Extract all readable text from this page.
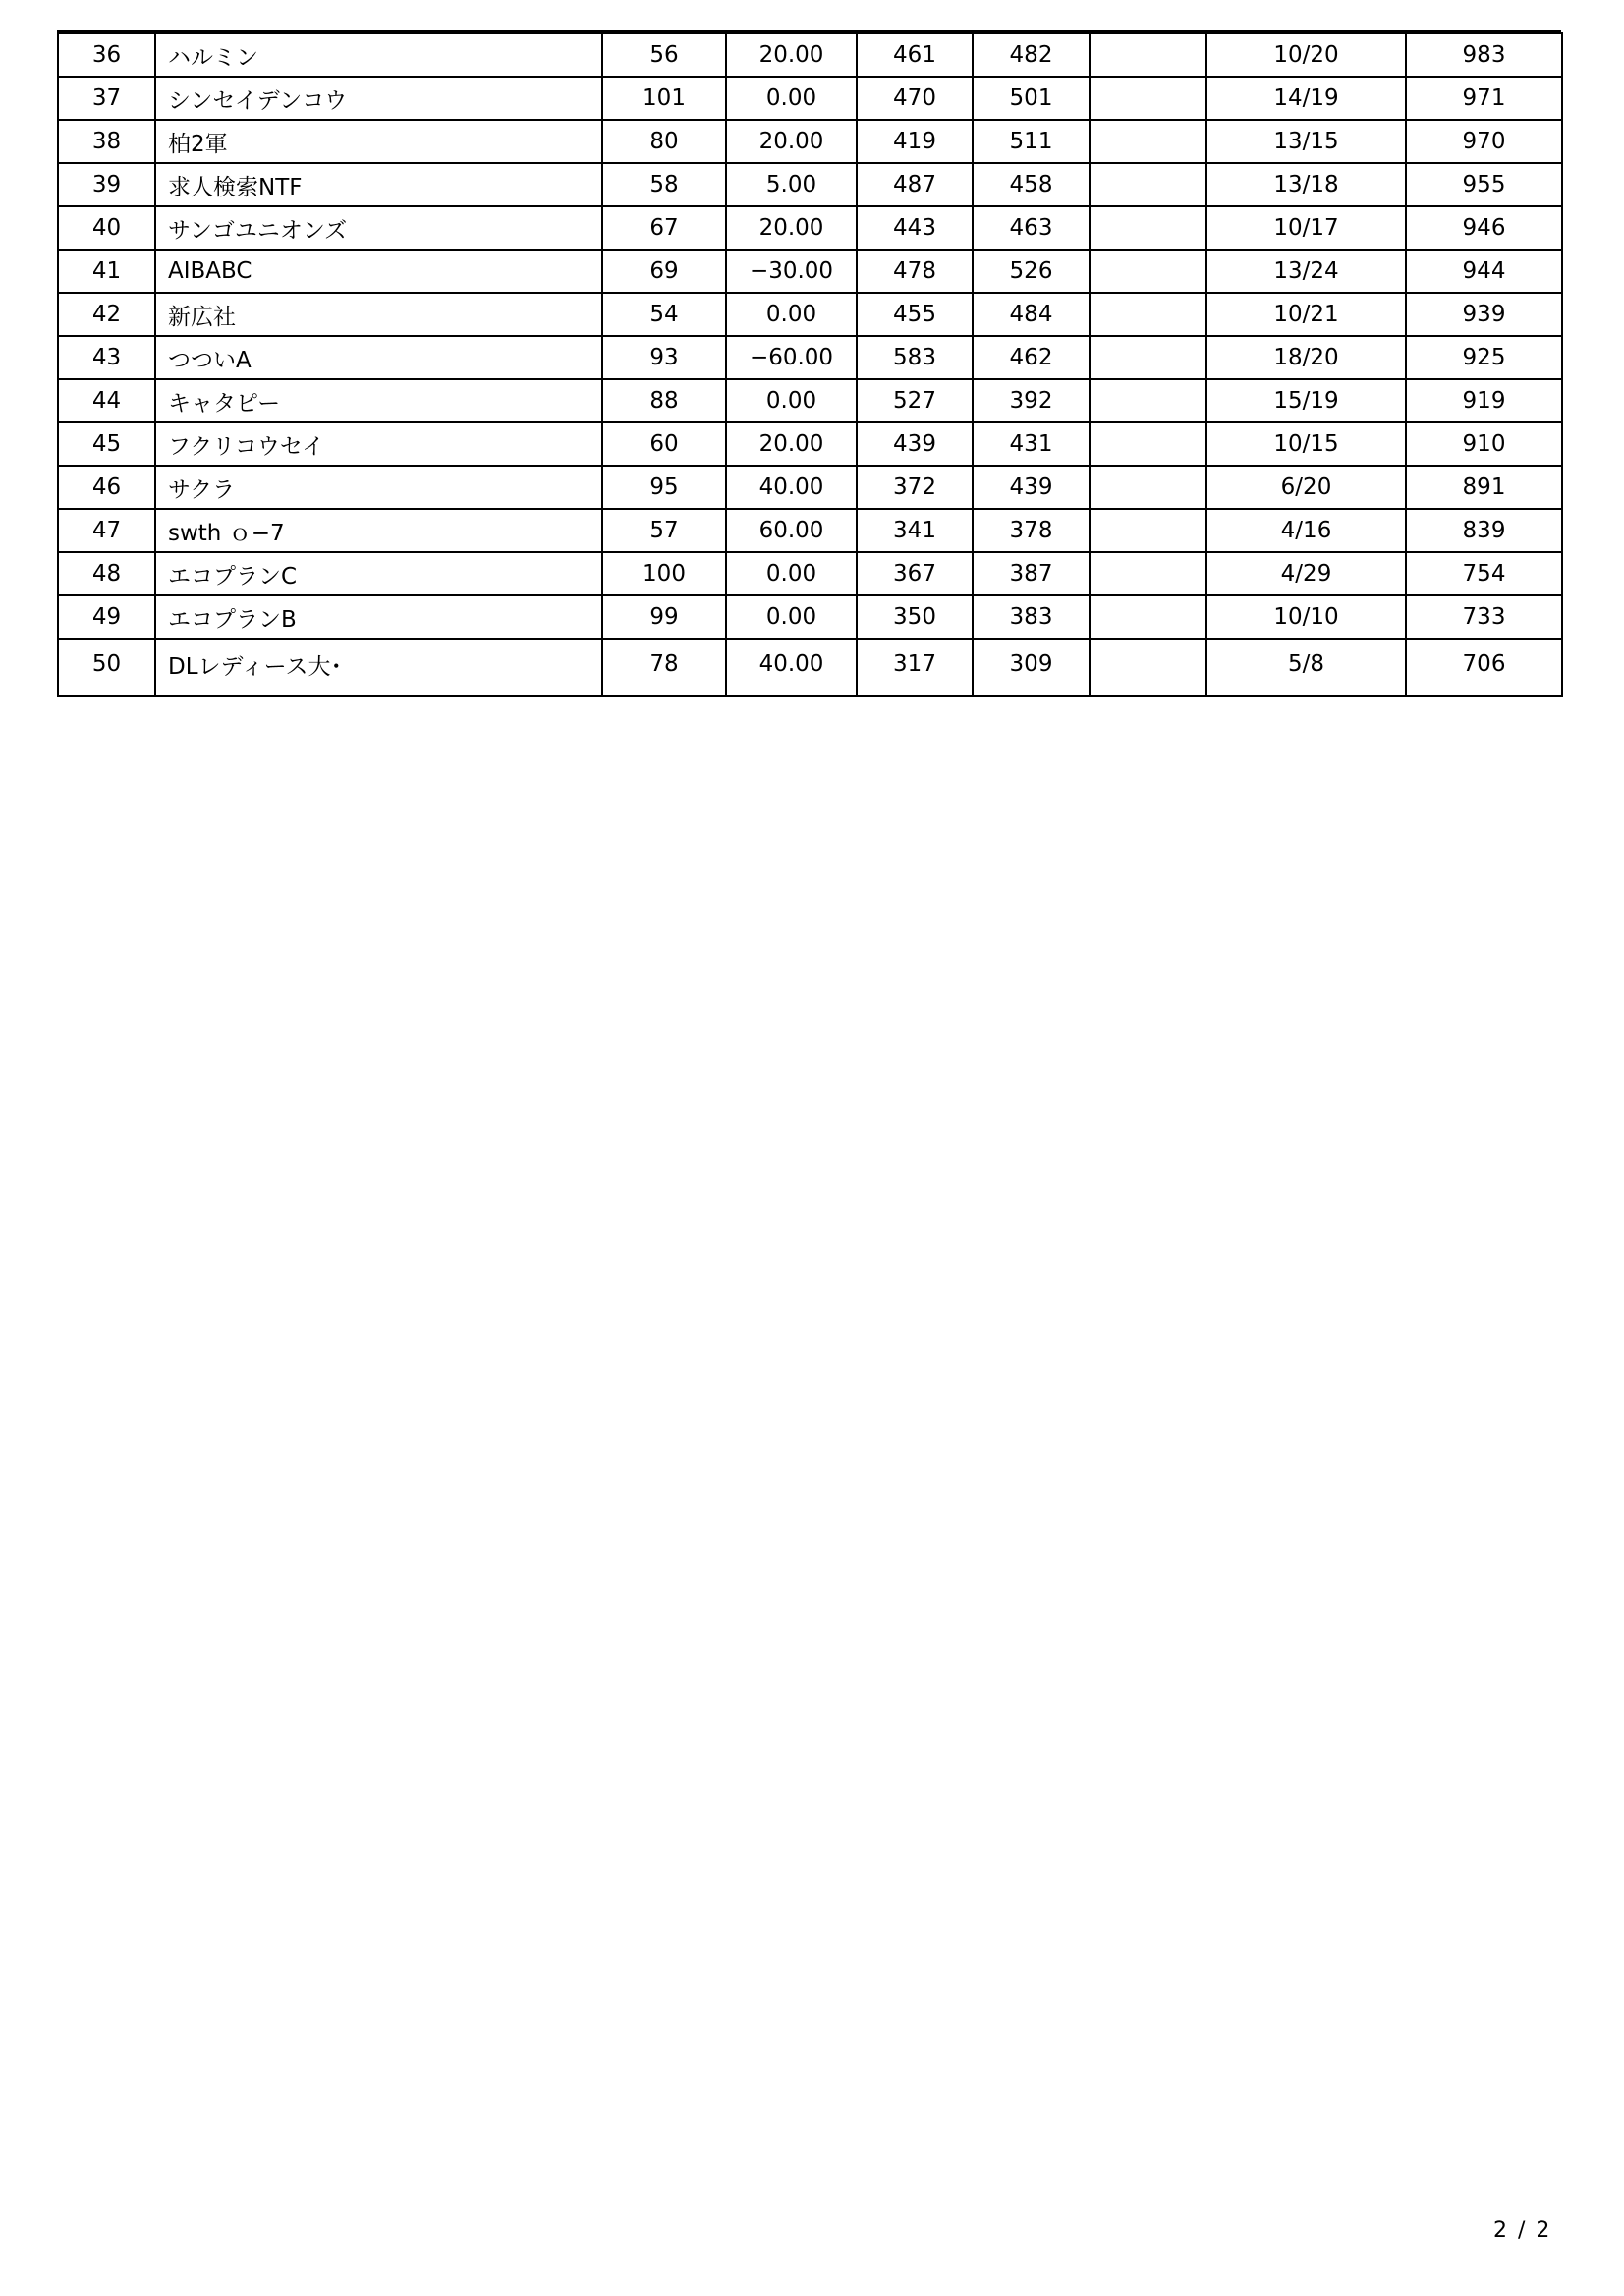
36	ハルミン	56	20.00	461	482		10/20	983
37	シンセイデンコウ	101	0.00	470	501		14/19	971
38	柏2軍	80	20.00	419	511		13/15	970
39	求人検索NTF	58	5.00	487	458		13/18	955
40	サンゴユニオンズ	67	20.00	443	463		10/17	946
41	AIBABC	69	−30.00	478	526		13/24	944
42	新広社	54	0.00	455	484		10/21	939
43	つついA	93	−60.00	583	462		18/20	925
44	キャタピー	88	0.00	527	392		15/19	919
45	フクリコウセイ	60	20.00	439	431		10/15	910
46	サクラ	95	40.00	372	439		6/20	891
47	swth ｏ−7	57	60.00	341	378		4/16	839
48	エコプランC	100	0.00	367	387		4/29	754
49	エコプランB	99	0.00	350	383		10/10	733
50	DLレディース大･	78	40.00	317	309		5/8	706
2 / 2
